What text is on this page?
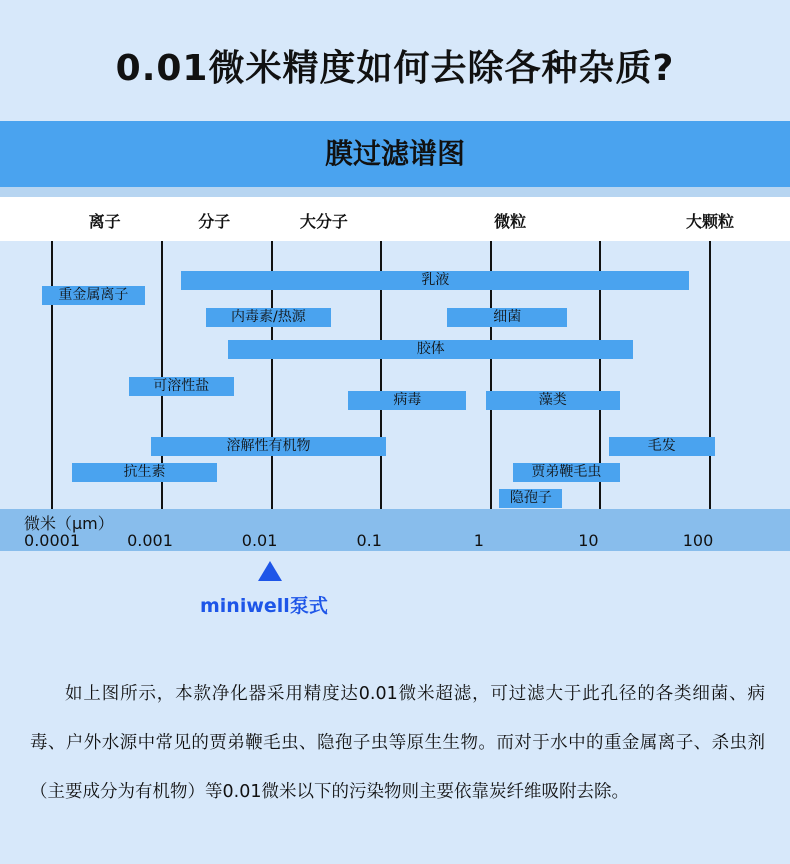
0.01微米精度如何去除各种杂质?
膜过滤谱图
离子	分子	大分子	微粒	大颗粒
乳液
重金属离子
内毒素/热源	细菌
胶体
可溶性盐
病毒	藻类
溶解性有机物	毛发
抗生素	贾弟鞭毛虫
隐孢子
微米（μm）
0.0001	0.001	0.01	0.1	1	10	100
miniwell泵式

如上图所示，本款净化器采用精度达0.01微米超滤，可过滤大于此孔径的各类细菌、病毒、户外水源中常见的贾弟鞭毛虫、隐孢子虫等原生生物。而对于水中的重金属离子、杀虫剂（主要成分为有机物）等0.01微米以下的污染物则主要依靠炭纤维吸附去除。
